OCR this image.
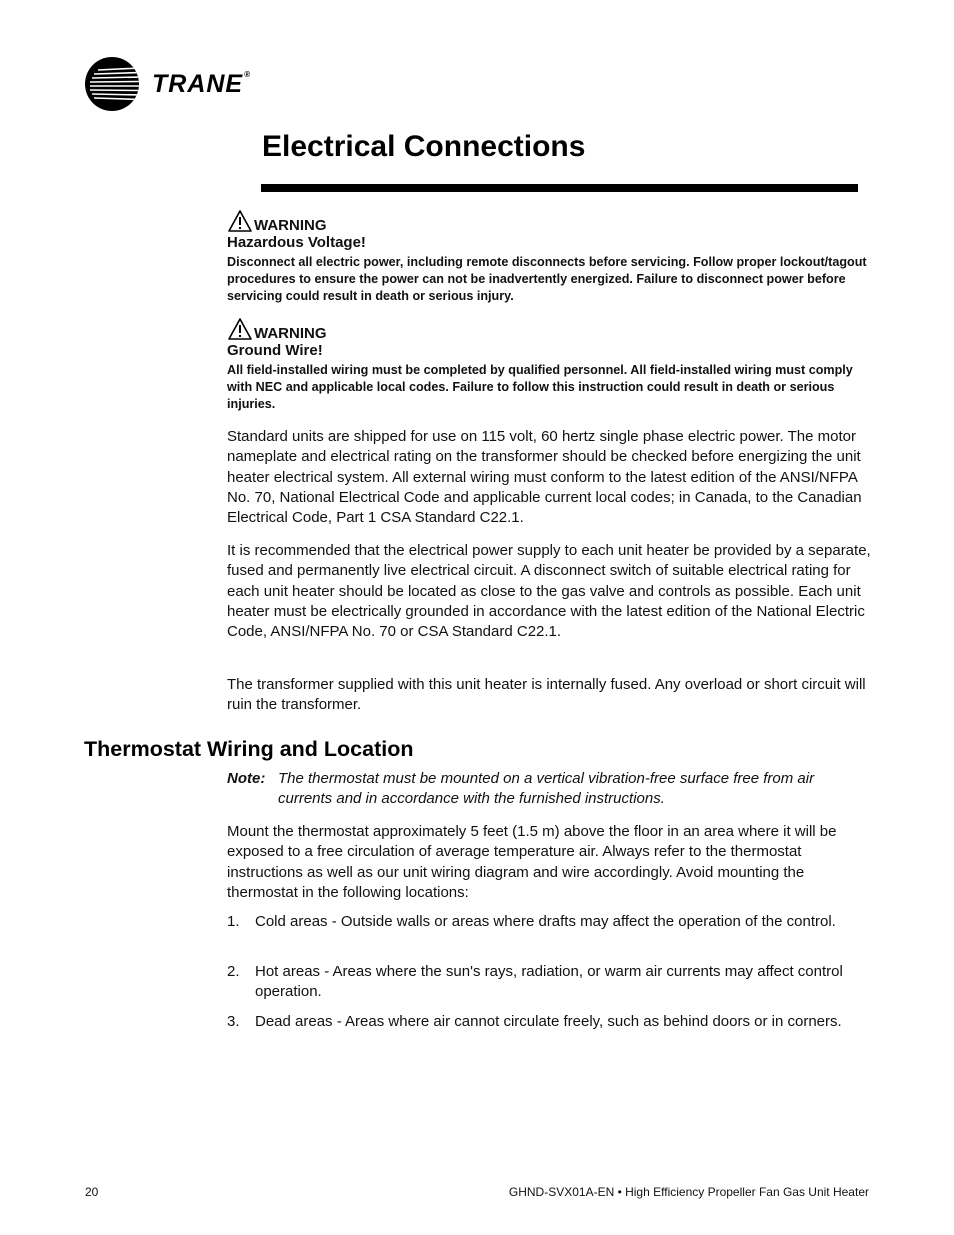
TRANE®
Electrical Connections
WARNING
Hazardous Voltage!
Disconnect all electric power, including remote disconnects before servicing. Follow proper lockout/tagout procedures to ensure the power can not be inadvertently energized. Failure to disconnect power before servicing could result in death or serious injury.
WARNING
Ground Wire!
All field-installed wiring must be completed by qualified personnel. All field-installed wiring must comply with NEC and applicable local codes. Failure to follow this instruction could result in death or serious injuries.

Standard units are shipped for use on 115 volt, 60 hertz single phase electric power. The motor nameplate and electrical rating on the transformer should be checked before energizing the unit heater electrical system. All external wiring must conform to the latest edition of the ANSI/NFPA No. 70, National Electrical Code and applicable current local codes; in Canada, to the Canadian Electrical Code, Part 1 CSA Standard C22.1.

It is recommended that the electrical power supply to each unit heater be provided by a separate, fused and permanently live electrical circuit. A disconnect switch of suitable electrical rating for each unit heater should be located as close to the gas valve and controls as possible. Each unit heater must be electrically grounded in accordance with the latest edition of the National Electric Code, ANSI/NFPA No. 70 or CSA Standard C22.1.

The transformer supplied with this unit heater is internally fused. Any overload or short circuit will ruin the transformer.

Thermostat Wiring and Location
Note: The thermostat must be mounted on a vertical vibration-free surface free from air currents and in accordance with the furnished instructions.

Mount the thermostat approximately 5 feet (1.5 m) above the floor in an area where it will be exposed to a free circulation of average temperature air. Always refer to the thermostat instructions as well as our unit wiring diagram and wire accordingly. Avoid mounting the thermostat in the following locations:

1. Cold areas - Outside walls or areas where drafts may affect the operation of the control.
2. Hot areas - Areas where the sun's rays, radiation, or warm air currents may affect control operation.
3. Dead areas - Areas where air cannot circulate freely, such as behind doors or in corners.
20	GHND-SVX01A-EN • High Efficiency Propeller Fan Gas Unit Heater
